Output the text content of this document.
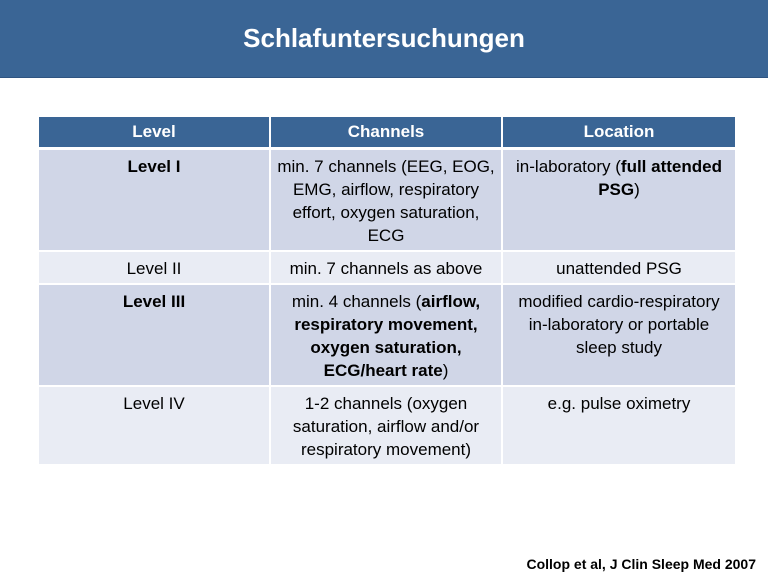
Schlafuntersuchungen
Level	Channels	Location
Level I	min. 7 channels (EEG, EOG, EMG, airflow, respiratory effort, oxygen saturation, ECG	in-laboratory (full attended PSG)
Level II	min. 7 channels as above	unattended PSG
Level III	min. 4 channels (airflow, respiratory movement, oxygen saturation, ECG/heart rate)	modified cardio-respiratory in-laboratory or portable sleep study
Level IV	1-2 channels (oxygen saturation, airflow and/or respiratory movement)	e.g. pulse oximetry
Collop et al, J Clin Sleep Med 2007
